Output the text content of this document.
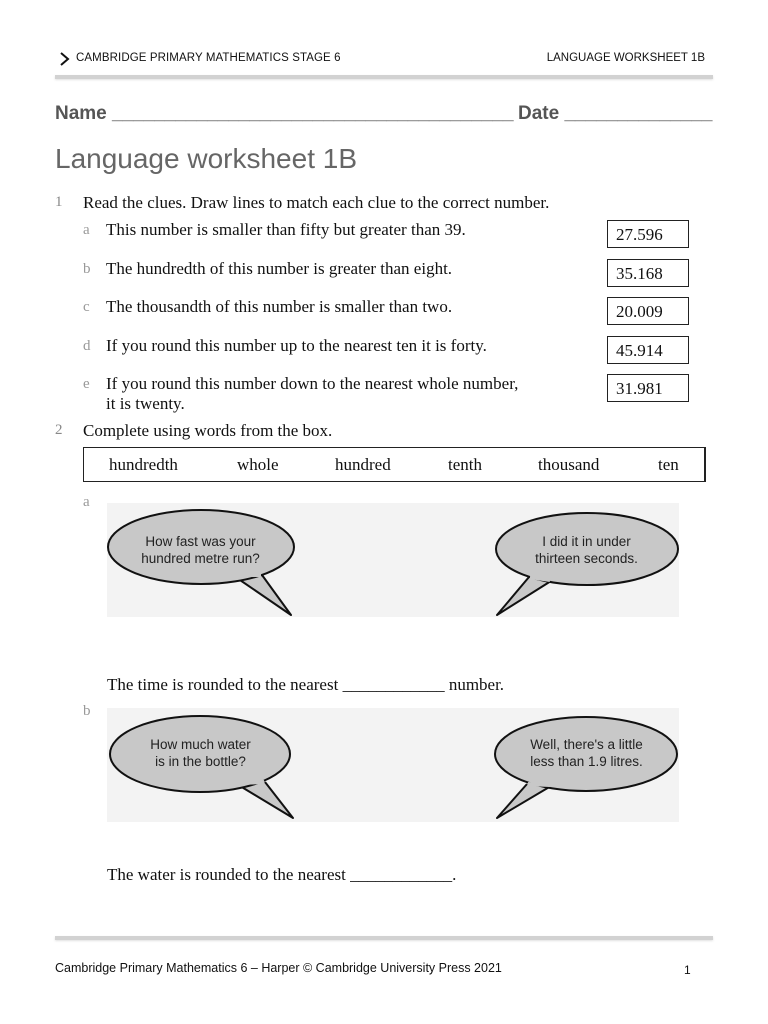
CAMBRIDGE PRIMARY MATHEMATICS STAGE 6	LANGUAGE WORKSHEET 1B
Name ______________________________________ Date ______________
Language worksheet 1B
1 Read the clues. Draw lines to match each clue to the correct number.
a This number is smaller than fifty but greater than 39.
b The hundredth of this number is greater than eight.
c The thousandth of this number is smaller than two.
d If you round this number up to the nearest ten it is forty.
e If you round this number down to the nearest whole number,
it is twenty.
27.596
35.168
20.009
45.914
31.981
2 Complete using words from the box.
hundredth	whole	hundred	tenth	thousand	ten
a
How fast was your
hundred metre run?
I did it in under
thirteen seconds.
The time is rounded to the nearest ____________ number.
b
How much water
is in the bottle?
Well, there's a little
less than 1.9 litres.
The water is rounded to the nearest ____________.
Cambridge Primary Mathematics 6 – Harper © Cambridge University Press 2021	1
